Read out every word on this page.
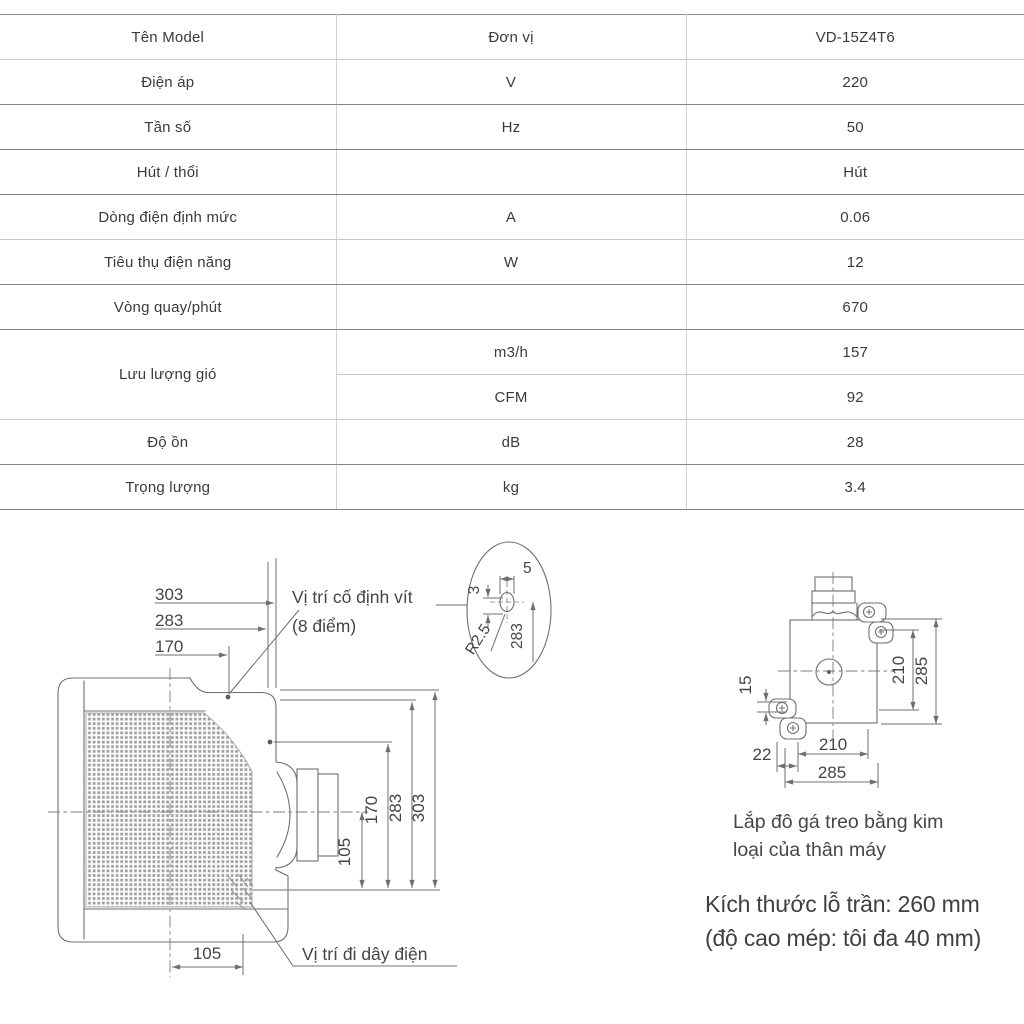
Tên Model	Đơn vị	VD-15Z4T6
Điện áp	V	220
Tần số	Hz	50
Hút / thổi		Hút
Dòng điện định mức	A	0.06
Tiêu thụ điện năng	W	12
Vòng quay/phút		670
Lưu lượng gió	m3/h	157
	CFM	92
Độ ồn	dB	28
Trọng lượng	kg	3.4
303
283
170
Vị trí cố định vít
(8 điểm)
5
3
R2.5 283
105
170 283 303
105	Vị trí đi dây điện
210 285
15
210
22
285
Lắp đô gá treo bằng kim
loại của thân máy
Kích thước lỗ trần: 260 mm
(độ cao mép: tôi đa 40 mm)
